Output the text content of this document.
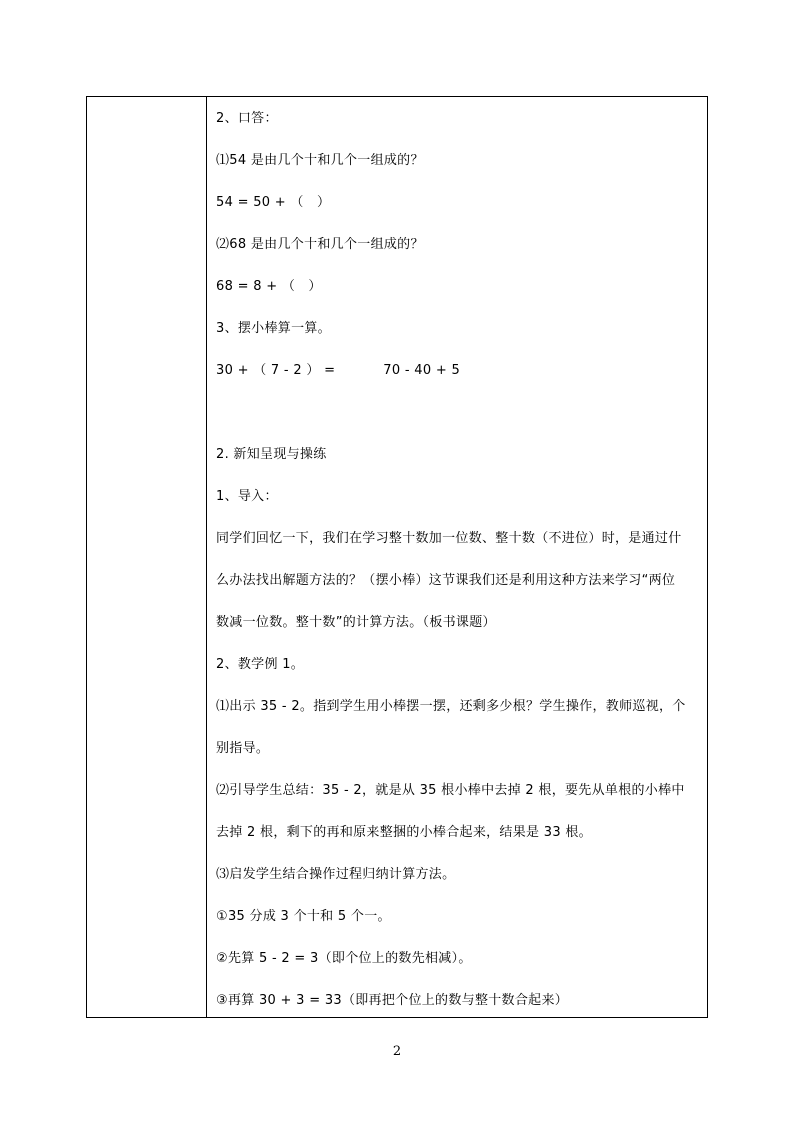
2、口答：
⑴54 是由几个十和几个一组成的？
54 = 50 + （　）
⑵68 是由几个十和几个一组成的？
68 = 8 + （　）
3、摆小棒算一算。
30 + （ 7 - 2 ） =	70 - 40 + 5
2. 新知呈现与操练
1、导入：
同学们回忆一下，我们在学习整十数加一位数、整十数（不进位）时，是通过什
么办法找出解题方法的？（摆小棒）这节课我们还是利用这种方法来学习“两位
数减一位数。整十数”的计算方法。（板书课题）
2、教学例 1。
⑴出示 35 - 2。指到学生用小棒摆一摆，还剩多少根？学生操作，教师巡视，个
别指导。
⑵引导学生总结：35 - 2，就是从 35 根小棒中去掉 2 根，要先从单根的小棒中
去掉 2 根，剩下的再和原来整捆的小棒合起来，结果是 33 根。
⑶启发学生结合操作过程归纳计算方法。
①35 分成 3 个十和 5 个一。
②先算 5 - 2 = 3（即个位上的数先相减）。
③再算 30 + 3 = 33（即再把个位上的数与整十数合起来）
2
